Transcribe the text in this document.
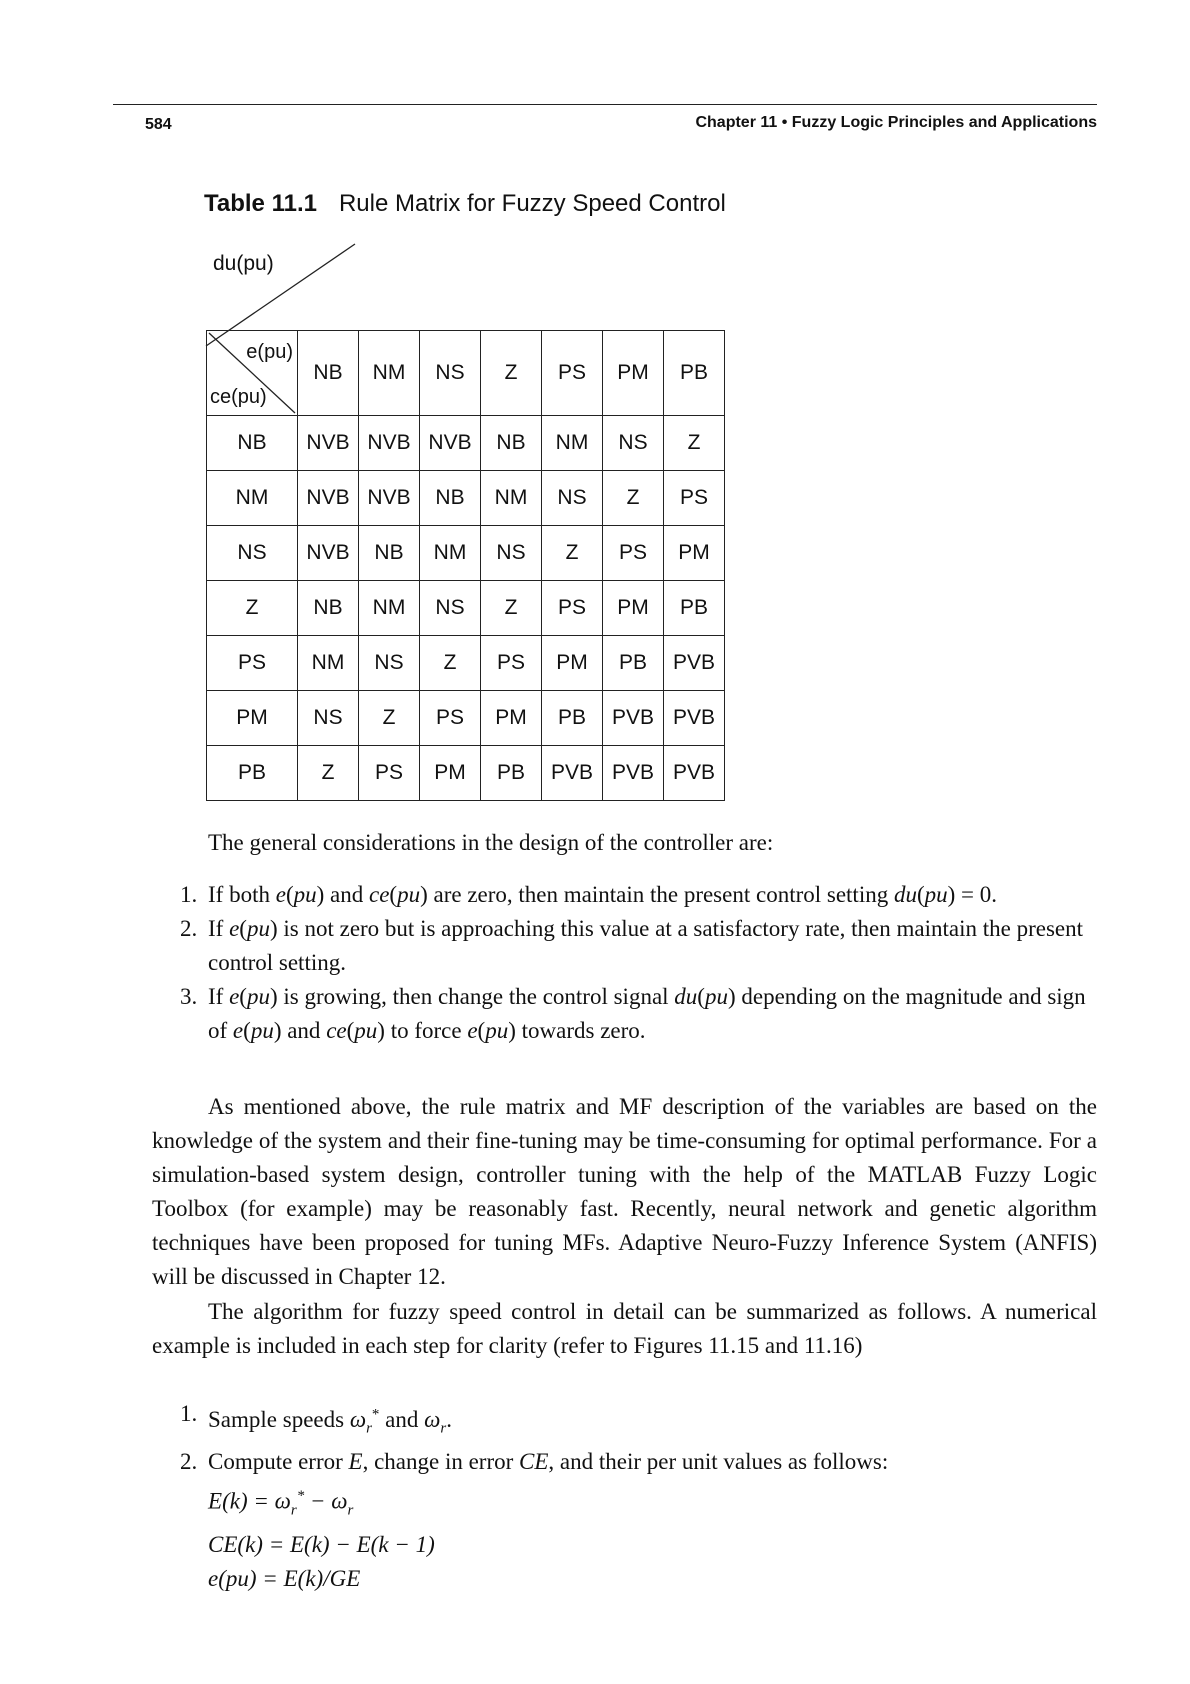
584	Chapter 11 • Fuzzy Logic Principles and Applications
Table 11.1 Rule Matrix for Fuzzy Speed Control
du(pu)
e(pu)
ce(pu)	NB	NM	NS	Z	PS	PM	PB
NB	NVB	NVB	NVB	NB	NM	NS	Z
NM	NVB	NVB	NB	NM	NS	Z	PS
NS	NVB	NB	NM	NS	Z	PS	PM
Z	NB	NM	NS	Z	PS	PM	PB
PS	NM	NS	Z	PS	PM	PB	PVB
PM	NS	Z	PS	PM	PB	PVB	PVB
PB	Z	PS	PM	PB	PVB	PVB	PVB
The general considerations in the design of the controller are:
1. If both e(pu) and ce(pu) are zero, then maintain the present control setting du(pu) = 0.
2. If e(pu) is not zero but is approaching this value at a satisfactory rate, then maintain the present control setting.
3. If e(pu) is growing, then change the control signal du(pu) depending on the magnitude and sign of e(pu) and ce(pu) to force e(pu) towards zero.
As mentioned above, the rule matrix and MF description of the variables are based on the knowledge of the system and their fine-tuning may be time-consuming for optimal performance. For a simulation-based system design, controller tuning with the help of the MATLAB Fuzzy Logic Toolbox (for example) may be reasonably fast. Recently, neural network and genetic algorithm techniques have been proposed for tuning MFs. Adaptive Neuro-Fuzzy Inference System (ANFIS) will be discussed in Chapter 12.
The algorithm for fuzzy speed control in detail can be summarized as follows. A numerical example is included in each step for clarity (refer to Figures 11.15 and 11.16)
1. Sample speeds $\omega_r^*$ and $\omega_r$.
2. Compute error E, change in error CE, and their per unit values as follows:
$E(k) = \omega_r^* - \omega_r$
CE(k) = E(k) − E(k − 1)
e(pu) = E(k)/GE
